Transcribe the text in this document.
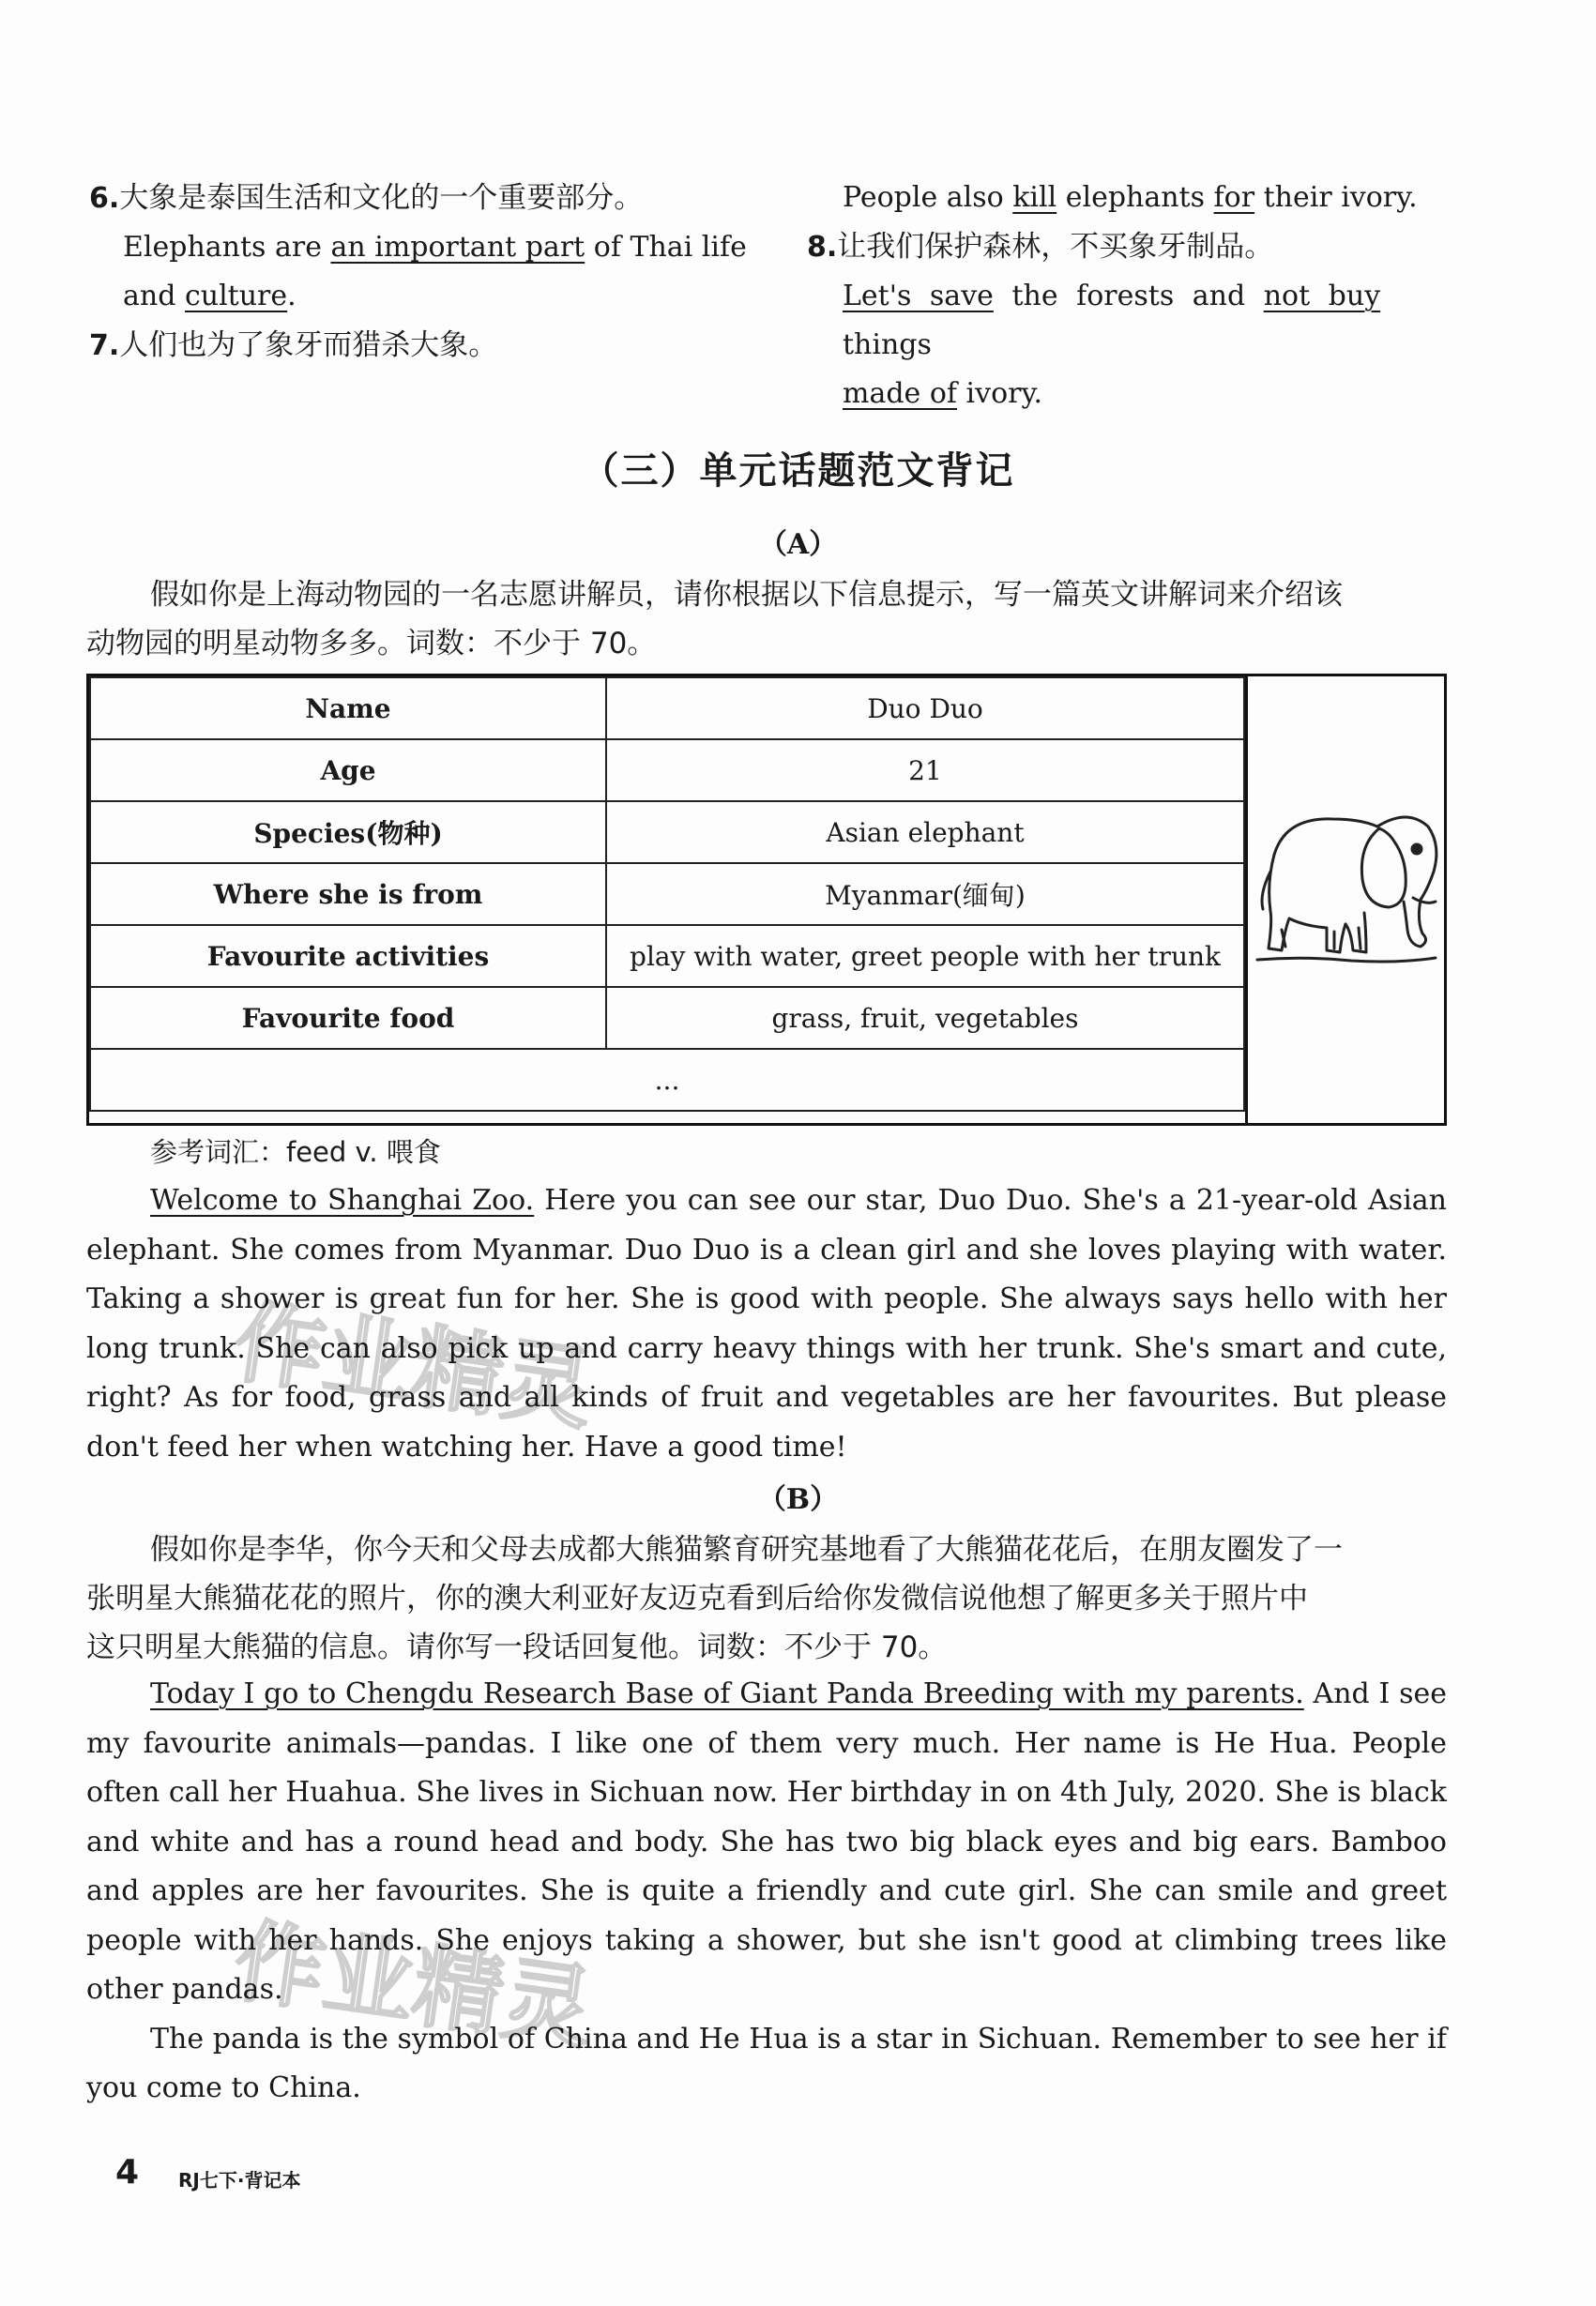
6.大象是泰国生活和文化的一个重要部分。
Elephants are an important part of Thai life
and culture.
7.人们也为了象牙而猎杀大象。
People also kill elephants for their ivory.
8.让我们保护森林，不买象牙制品。
Let's save the forests and not buy things
made of ivory.
（三）单元话题范文背记
（A）

假如你是上海动物园的一名志愿讲解员，请你根据以下信息提示，写一篇英文讲解词来介绍该

动物园的明星动物多多。词数：不少于 70。

Name	Duo Duo
Age	21
Species(物种)	Asian elephant
Where she is from	Myanmar(缅甸)
Favourite activities	play with water, greet people with her trunk
Favourite food	grass, fruit, vegetables
...	

参考词汇：feed v. 喂食

Welcome to Shanghai Zoo. Here you can see our star, Duo Duo. She's a 21-year-old Asian elephant. She comes from Myanmar. Duo Duo is a clean girl and she loves playing with water. Taking a shower is great fun for her. She is good with people. She always says hello with her long trunk. She can also pick up and carry heavy things with her trunk. She's smart and cute, right? As for food, grass and all kinds of fruit and vegetables are her favourites. But please don't feed her when watching her. Have a good time!

（B）

假如你是李华，你今天和父母去成都大熊猫繁育研究基地看了大熊猫花花后，在朋友圈发了一

张明星大熊猫花花的照片，你的澳大利亚好友迈克看到后给你发微信说他想了解更多关于照片中

这只明星大熊猫的信息。请你写一段话回复他。词数：不少于 70。

Today I go to Chengdu Research Base of Giant Panda Breeding with my parents. And I see my favourite animals—pandas. I like one of them very much. Her name is He Hua. People often call her Huahua. She lives in Sichuan now. Her birthday in on 4th July, 2020. She is black and white and has a round head and body. She has two big black eyes and big ears. Bamboo and apples are her favourites. She is quite a friendly and cute girl. She can smile and greet people with her hands. She enjoys taking a shower, but she isn't good at climbing trees like other pandas.

The panda is the symbol of China and He Hua is a star in Sichuan. Remember to see her if you come to China.

作业精灵
作业精灵
4 RJ七下·背记本
